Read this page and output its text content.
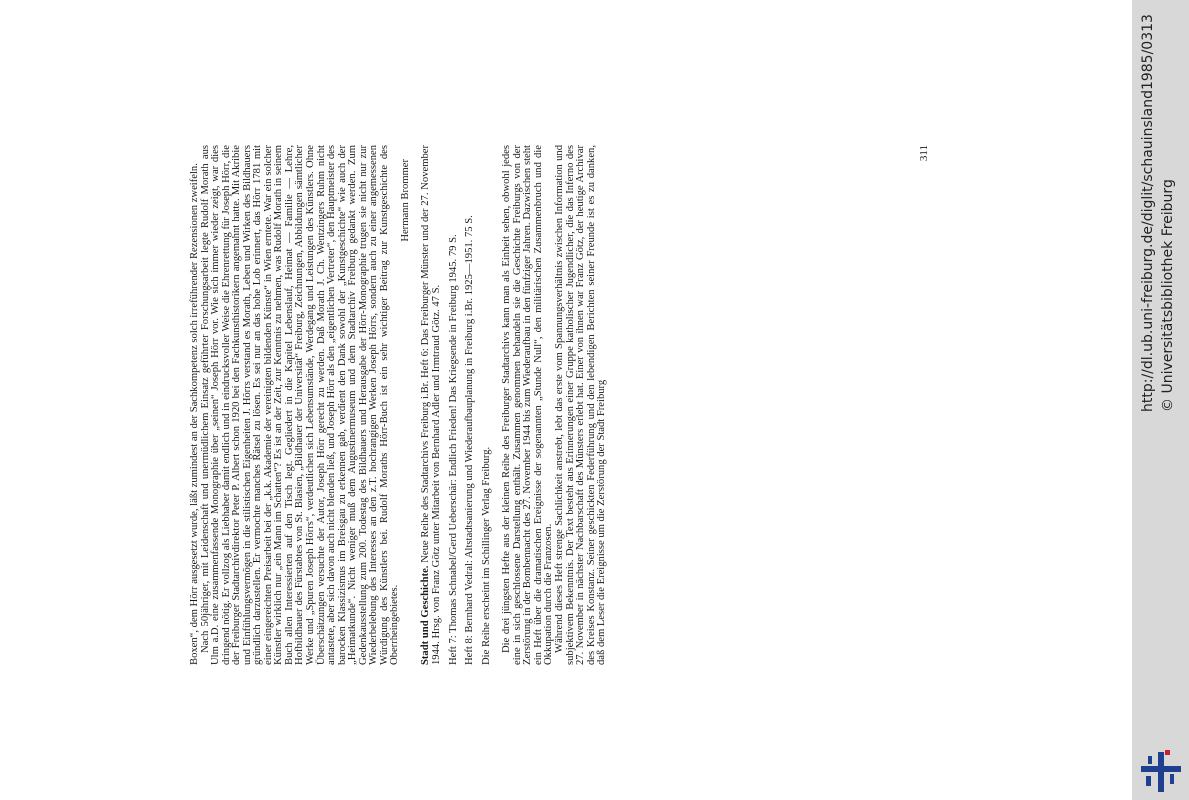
Boxen“, dem Hörr ausgesetzt wurde, läßt zumindest an der Sachkompetenz solch irreführender Rezensionen zweifeln. Nach 50jähriger, mit Leidenschaft und unermüdlichem Einsatz geführter Forschungsarbeit legte Rudolf Morath aus Ulm a.D. eine zusammenfassende Monographie über „seinen“ Joseph Hörr vor. Wie sich immer wieder zeigt, war dies dringend nötig. Er vollzog als Liebhaber damit endlich und in eindrucksvoller Weise die Ehrenrettung für Joseph Hörr, die der Freiburger Stadtarchivdirektor Peter P. Albert schon 1920 bei den Fachkunsthistorikern angemahnt hatte. Mit Akribie und Einfühlungsvermögen in die stilistischen Eigenheiten J. Hörrs verstand es Morath, Leben und Wirken des Bildhauers gründlich darzustellen. Er vermochte manches Rätsel zu lösen. Es sei nur an das hohe Lob erinnert, das Hörr 1781 mit einer eingereichten Preisarbeit bei der „k.k. Akademie der vereinigten bildenden Künste“ in Wien erntete. War ein solcher Künstler wirklich nur „ein Mann im Schatten“? Es ist an der Zeit, zur Kenntnis zu nehmen, was Rudolf Morath in seinem Buch allen Interessierten auf den Tisch legt. Gegliedert in die Kapitel Lebenslauf, Heimat — Familie — Lehre, Hofbildhauer des Fürstabtes von St. Blasien, „Bildhauer der Universität“ Freiburg, Zeichnungen, Abbildungen sämtlicher Werke und „Spuren Joseph Hörrs“, verdeutlichen sich Lebensumstände, Werdegang und Leistungen des Künstlers. Ohne Überschätzungen versuchte der Autor, Joseph Hörr gerecht zu werden. Daß Morath J. Ch. Wentzingers Ruhm nicht antastete, aber sich davon auch nicht blenden ließ, und Joseph Hörr als den „eigentlichen Vertreter“, den Hauptmeister des barocken Klassizismus im Breisgau zu erkennen gab, verdient den Dank sowohl der „Kunstgeschichte“ wie auch der „Heimatkunde“. Nicht weniger muß dem Augustinermuseum und dem Stadtarchiv Freiburg gedankt werden. Zum Gedenkausstellung zum 200. Todestag des Bildhauers und Herausgabe der Hörr-Monographie trugen sie nicht nur zur Wiederbelebung des Interesses an den z.T. hochrangigen Werken Joseph Hörrs, sondern auch zu einer angemessenen Würdigung des Künstlers bei. Rudolf Moraths Hörr-Buch ist ein sehr wichtiger Beitrag zur Kunstgeschichte des Oberrheingebietes.

Hermann Brommer

Stadt und Geschichte. Neue Reihe des Stadtarchivs Freiburg i.Br. Heft 6: Das Freiburger Münster und der 27. November 1944. Hrsg. von Franz Götz unter Mitarbeit von Bernhard Adler und Irmtraud Götz. 47 S. Heft 7: Thomas Schnabel/Gerd Ueberschär: Endlich Frieden! Das Kriegsende in Freiburg 1945. 79 S. Heft 8: Bernhard Vedral: Altstadtsanierung und Wiederaufbauplanung in Freiburg i.Br. 1925—1951. 75 S. Die Reihe erscheint im Schillinger Verlag Freiburg. Die drei jüngsten Hefte aus der kleinen Reihe des Freiburger Stadtarchivs kann man als Einheit sehen, obwohl jedes eine in sich geschlossene Darstellung enthält. Zusammen genommen behandeln sie die Geschichte Freiburgs von der Zerstörung in der Bombennacht des 27. November 1944 bis zum Wiederaufbau in den fünfziger Jahren. Dazwischen steht ein Heft über die dramatischen Ereignisse der sogenannten „Stunde Null“, den militärischen Zusammenbruch und die Okkupation durch die Franzosen. Während dieses Heft strenge Sachlichkeit anstrebt, lebt das erste vom Spannungsverhältnis zwischen Information und subjektivem Bekenntnis. Der Text besteht aus Erinnerungen einer Gruppe katholischer Jugendlicher, die das Inferno des 27. November in nächster Nachbarschaft des Münsters erlebt hat. Einer von ihnen war Franz Götz, der heutige Archivar des Kreises Konstanz. Seiner geschickten Federführung und den lebendigen Berichten seiner Freunde ist es zu danken, daß dem Leser die Ereignisse um die Zerstörung der Stadt Freiburg

311	http://dl.ub.uni-freiburg.de/diglit/schauinsland1985/0313 © Universitätsbibliothek Freiburg
